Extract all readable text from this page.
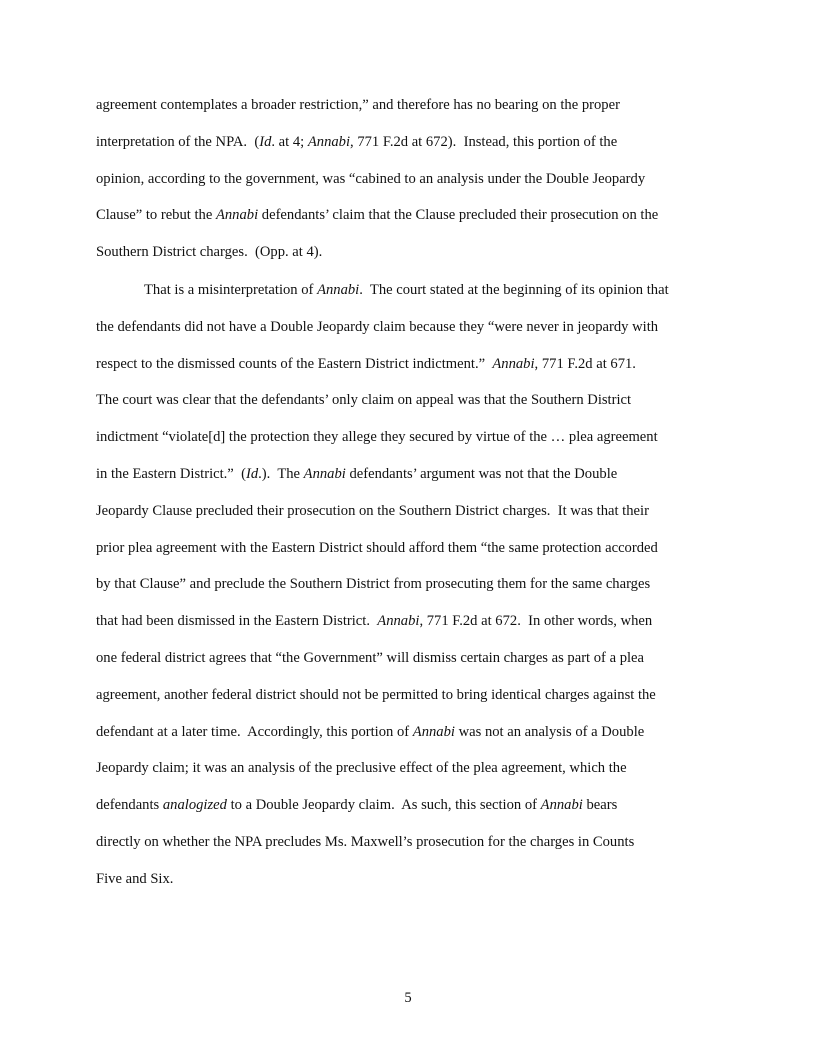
agreement contemplates a broader restriction,” and therefore has no bearing on the proper
interpretation of the NPA.  (Id. at 4; Annabi, 771 F.2d at 672).  Instead, this portion of the
opinion, according to the government, was “cabined to an analysis under the Double Jeopardy
Clause” to rebut the Annabi defendants’ claim that the Clause precluded their prosecution on the
Southern District charges.  (Opp. at 4).
That is a misinterpretation of Annabi.  The court stated at the beginning of its opinion that
the defendants did not have a Double Jeopardy claim because they “were never in jeopardy with
respect to the dismissed counts of the Eastern District indictment.”  Annabi, 771 F.2d at 671.
The court was clear that the defendants’ only claim on appeal was that the Southern District
indictment “violate[d] the protection they allege they secured by virtue of the … plea agreement
in the Eastern District.”  (Id.).  The Annabi defendants’ argument was not that the Double
Jeopardy Clause precluded their prosecution on the Southern District charges.  It was that their
prior plea agreement with the Eastern District should afford them “the same protection accorded
by that Clause” and preclude the Southern District from prosecuting them for the same charges
that had been dismissed in the Eastern District.  Annabi, 771 F.2d at 672.  In other words, when
one federal district agrees that “the Government” will dismiss certain charges as part of a plea
agreement, another federal district should not be permitted to bring identical charges against the
defendant at a later time.  Accordingly, this portion of Annabi was not an analysis of a Double
Jeopardy claim; it was an analysis of the preclusive effect of the plea agreement, which the
defendants analogized to a Double Jeopardy claim.  As such, this section of Annabi bears
directly on whether the NPA precludes Ms. Maxwell’s prosecution for the charges in Counts
Five and Six.
5
